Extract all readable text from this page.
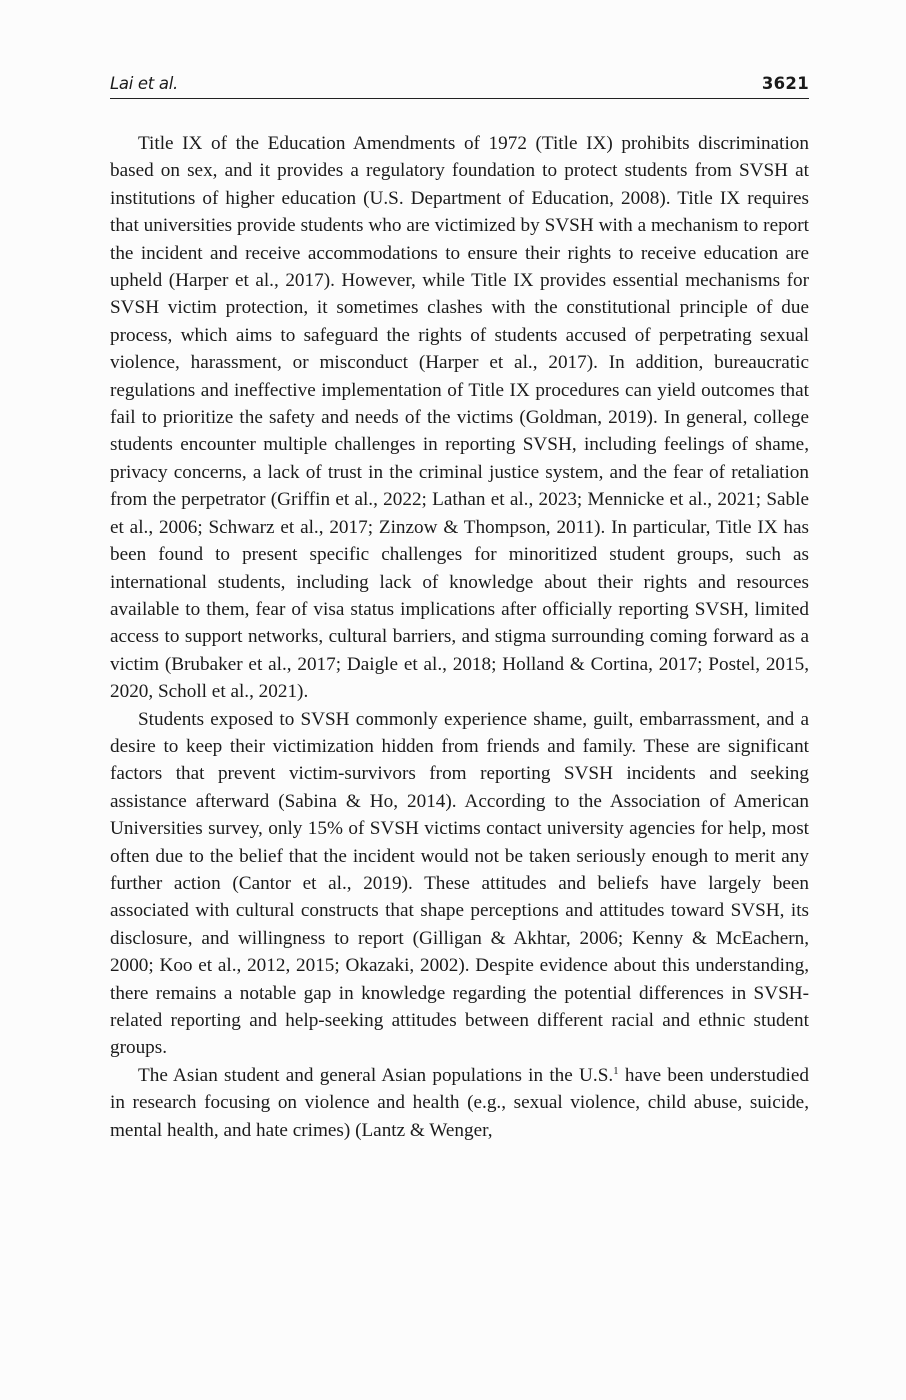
Lai et al.	3621

Title IX of the Education Amendments of 1972 (Title IX) prohibits discrimination based on sex, and it provides a regulatory foundation to protect students from SVSH at institutions of higher education (U.S. Department of Education, 2008). Title IX requires that universities provide students who are victimized by SVSH with a mechanism to report the incident and receive accommodations to ensure their rights to receive education are upheld (Harper et al., 2017). However, while Title IX provides essential mechanisms for SVSH victim protection, it sometimes clashes with the constitutional principle of due process, which aims to safeguard the rights of students accused of perpetrating sexual violence, harassment, or misconduct (Harper et al., 2017). In addition, bureaucratic regulations and ineffective implementation of Title IX procedures can yield outcomes that fail to prioritize the safety and needs of the victims (Goldman, 2019). In general, college students encounter multiple challenges in reporting SVSH, including feelings of shame, privacy concerns, a lack of trust in the criminal justice system, and the fear of retaliation from the perpetrator (Griffin et al., 2022; Lathan et al., 2023; Mennicke et al., 2021; Sable et al., 2006; Schwarz et al., 2017; Zinzow & Thompson, 2011). In particular, Title IX has been found to present specific challenges for minoritized student groups, such as international students, including lack of knowledge about their rights and resources available to them, fear of visa status implications after officially reporting SVSH, limited access to support networks, cultural barriers, and stigma surrounding coming forward as a victim (Brubaker et al., 2017; Daigle et al., 2018; Holland & Cortina, 2017; Postel, 2015, 2020, Scholl et al., 2021).

Students exposed to SVSH commonly experience shame, guilt, embarrassment, and a desire to keep their victimization hidden from friends and family. These are significant factors that prevent victim-survivors from reporting SVSH incidents and seeking assistance afterward (Sabina & Ho, 2014). According to the Association of American Universities survey, only 15% of SVSH victims contact university agencies for help, most often due to the belief that the incident would not be taken seriously enough to merit any further action (Cantor et al., 2019). These attitudes and beliefs have largely been associated with cultural constructs that shape perceptions and attitudes toward SVSH, its disclosure, and willingness to report (Gilligan & Akhtar, 2006; Kenny & McEachern, 2000; Koo et al., 2012, 2015; Okazaki, 2002). Despite evidence about this understanding, there remains a notable gap in knowledge regarding the potential differences in SVSH-related reporting and help-seeking attitudes between different racial and ethnic student groups.

The Asian student and general Asian populations in the U.S.$^1$ have been understudied in research focusing on violence and health (e.g., sexual violence, child abuse, suicide, mental health, and hate crimes) (Lantz & Wenger,
